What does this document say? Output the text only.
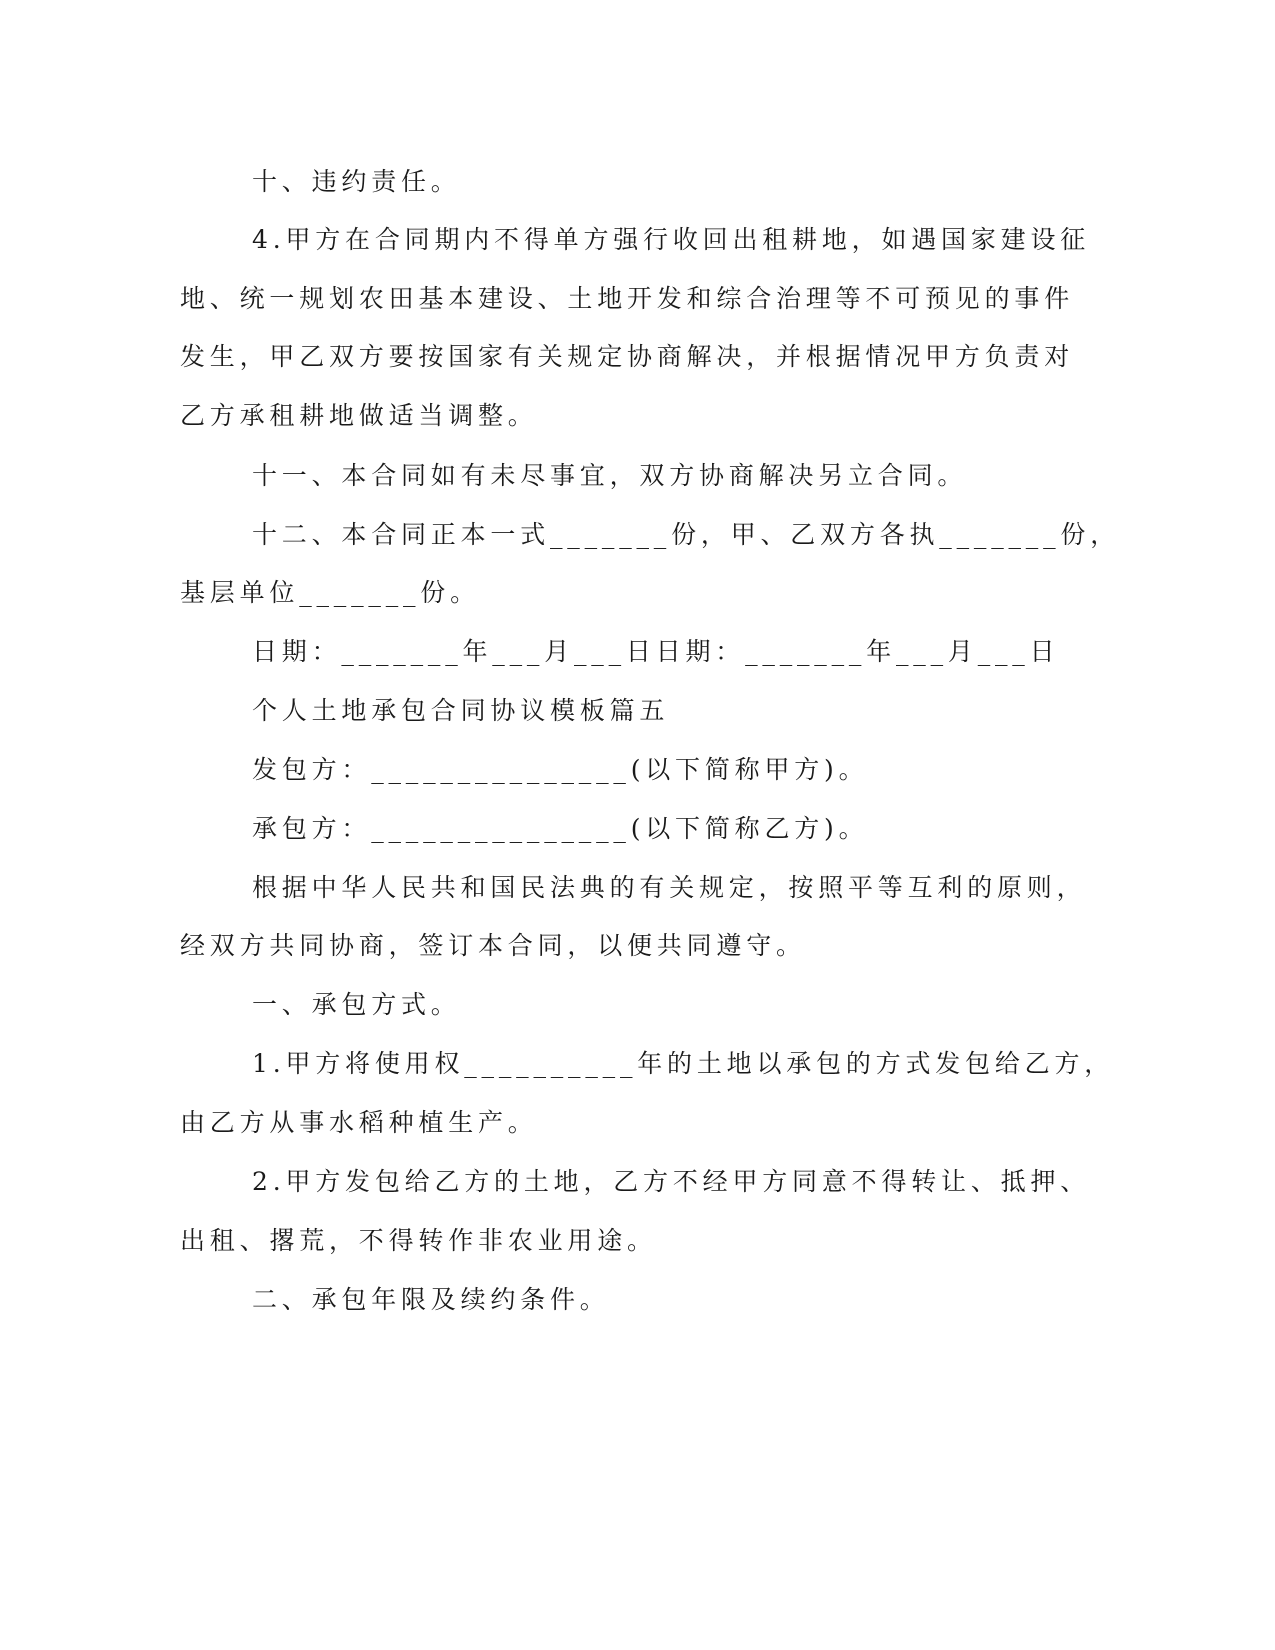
十、违约责任。
4.甲方在合同期内不得单方强行收回出租耕地，如遇国家建设征
地、统一规划农田基本建设、土地开发和综合治理等不可预见的事件
发生，甲乙双方要按国家有关规定协商解决，并根据情况甲方负责对
乙方承租耕地做适当调整。
十一、本合同如有未尽事宜，双方协商解决另立合同。
十二、本合同正本一式_______份，甲、乙双方各执_______份，
基层单位_______份。
日期：_______年___月___日日期：_______年___月___日
个人土地承包合同协议模板篇五
发包方：_______________(以下简称甲方)。
承包方：_______________(以下简称乙方)。
根据中华人民共和国民法典的有关规定，按照平等互利的原则，
经双方共同协商，签订本合同，以便共同遵守。
一、承包方式。
1.甲方将使用权__________年的土地以承包的方式发包给乙方，
由乙方从事水稻种植生产。
2.甲方发包给乙方的土地，乙方不经甲方同意不得转让、抵押、
出租、撂荒，不得转作非农业用途。
二、承包年限及续约条件。
